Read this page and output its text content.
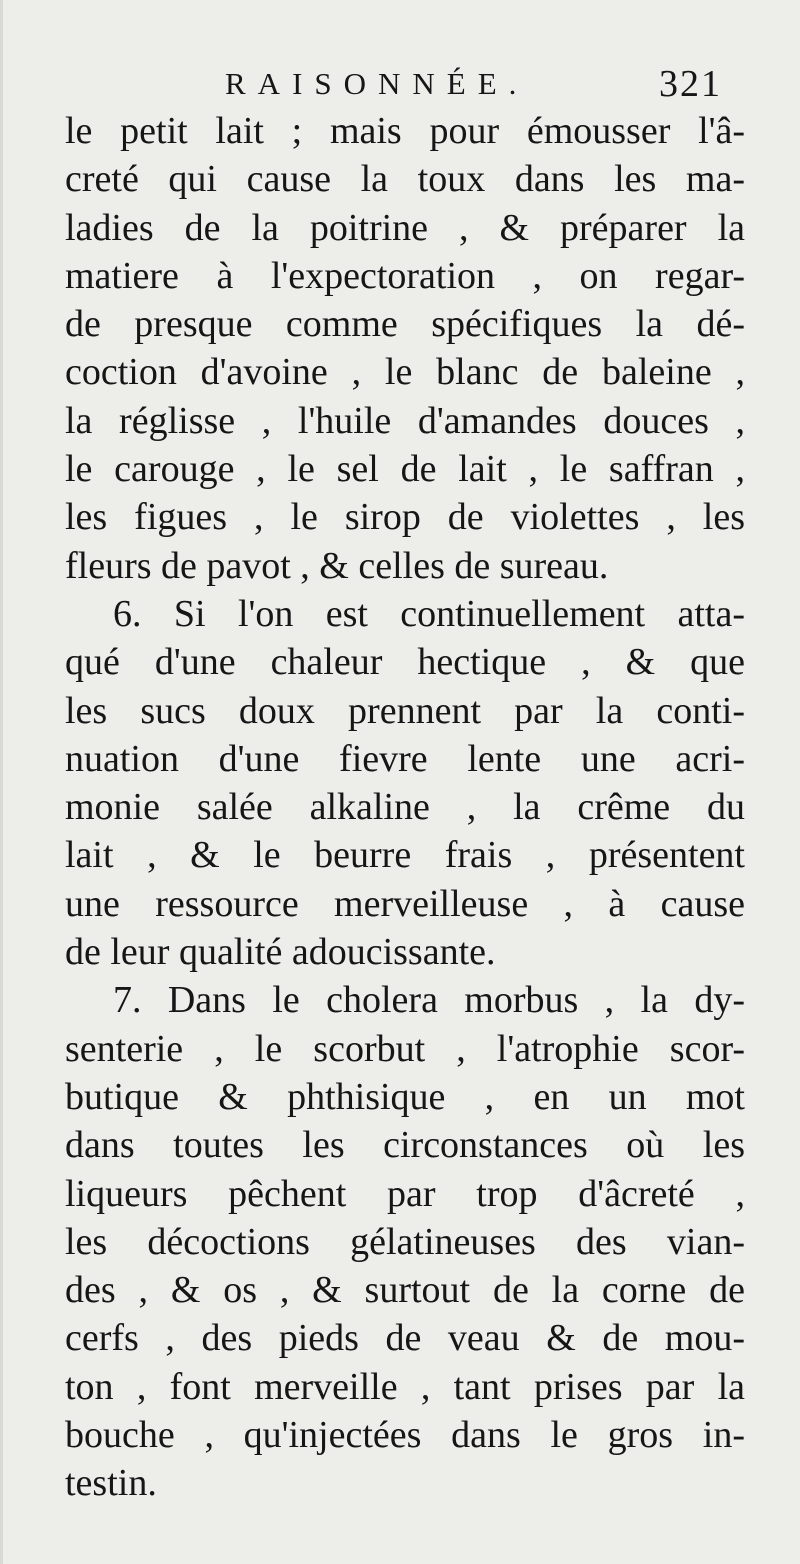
RAISONNÉE.	321
le petit lait ; mais pour émousser l'â-
creté qui cause la toux dans les ma-
ladies de la poitrine , & préparer la
matiere à l'expectoration , on regar-
de presque comme spécifiques la dé-
coction d'avoine , le blanc de baleine ,
la réglisse , l'huile d'amandes douces ,
le carouge , le sel de lait , le saffran ,
les figues , le sirop de violettes , les
fleurs de pavot , & celles de sureau.
6. Si l'on est continuellement atta-
qué d'une chaleur hectique , & que
les sucs doux prennent par la conti-
nuation d'une fievre lente une acri-
monie salée alkaline , la crême du
lait , & le beurre frais , présentent
une ressource merveilleuse , à cause
de leur qualité adoucissante.
7. Dans le cholera morbus , la dy-
senterie , le scorbut , l'atrophie scor-
butique & phthisique , en un mot
dans toutes les circonstances où les
liqueurs pêchent par trop d'âcreté ,
les décoctions gélatineuses des vian-
des , & os , & surtout de la corne de
cerfs , des pieds de veau & de mou-
ton , font merveille , tant prises par la
bouche , qu'injectées dans le gros in-
testin.
